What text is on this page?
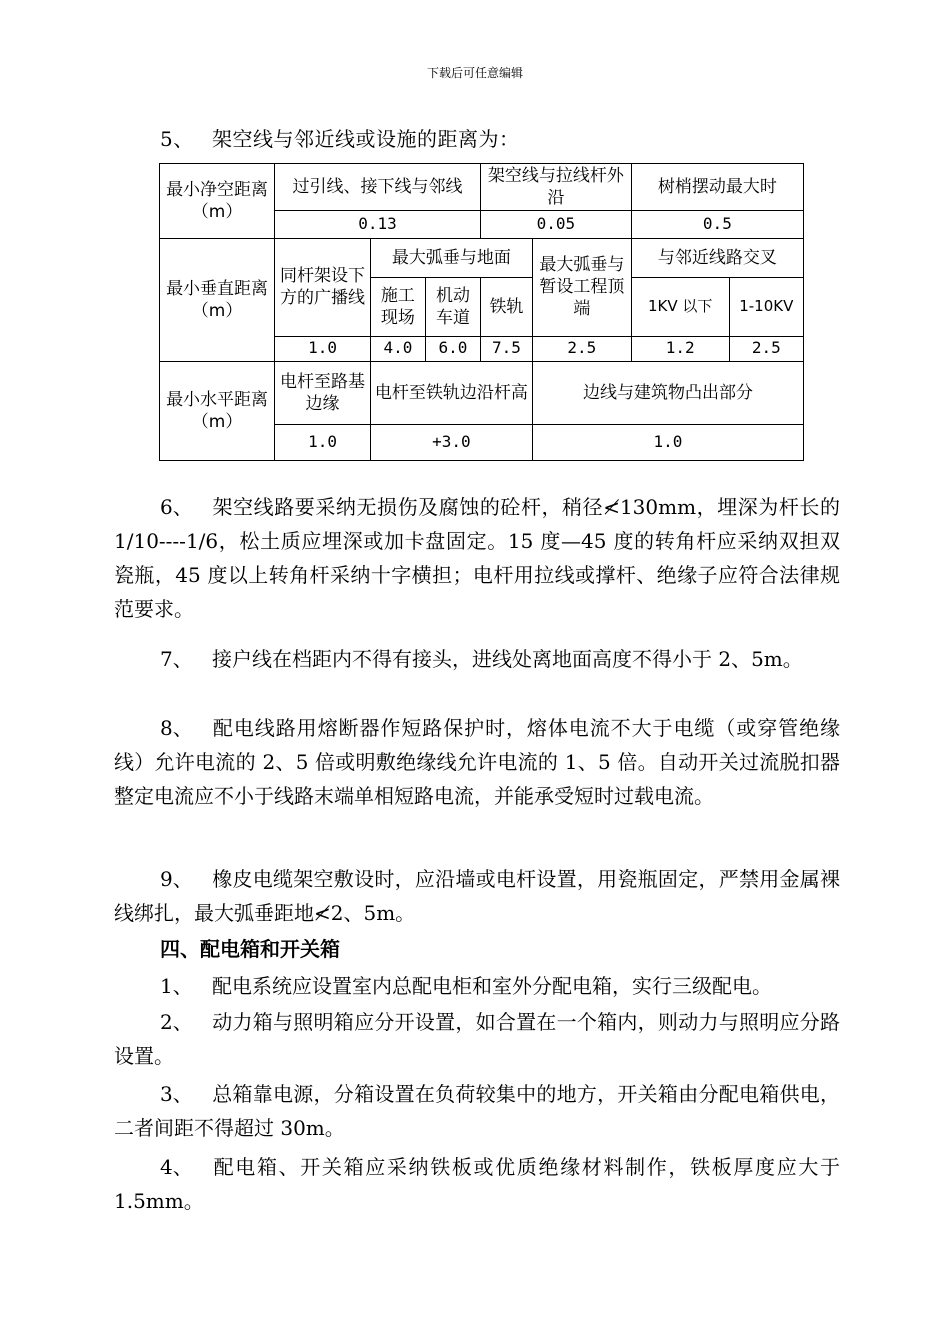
下载后可任意编辑
5、 架空线与邻近线或设施的距离为：
最小净空距离（m）	过引线、接下线与邻线			架空线与拉线杆外沿		树梢摆动最大时	
	0.13			0.05		0.5	
最小垂直距离（m）	同杆架设下方的广播线	最大弧垂与地面			最大弧垂与暂设工程顶端	与邻近线路交叉	
		施工现场	机动车道	铁轨		1KV 以下	1-10KV
	1.0	4.0	6.0	7.5	2.5	1.2	2.5
最小水平距离（m）	电杆至路基边缘	电杆至铁轨边沿杆高			边线与建筑物凸出部分		
	1.0	+3.0			1.0		

6、 架空线路要采纳无损伤及腐蚀的砼杆，稍径≮130mm，埋深为杆长的 1/10----1/6，松土质应埋深或加卡盘固定。15 度—45 度的转角杆应采纳双担双瓷瓶，45 度以上转角杆采纳十字横担；电杆用拉线或撑杆、绝缘子应符合法律规范要求。

7、 接户线在档距内不得有接头，进线处离地面高度不得小于 2、5m。

8、 配电线路用熔断器作短路保护时，熔体电流不大于电缆（或穿管绝缘线）允许电流的 2、5 倍或明敷绝缘线允许电流的 1、5 倍。自动开关过流脱扣器整定电流应不小于线路末端单相短路电流，并能承受短时过载电流。

9、 橡皮电缆架空敷设时，应沿墙或电杆设置，用瓷瓶固定，严禁用金属裸线绑扎，最大弧垂距地≮2、5m。

四、配电箱和开关箱

1、 配电系统应设置室内总配电柜和室外分配电箱，实行三级配电。

2、 动力箱与照明箱应分开设置，如合置在一个箱内，则动力与照明应分路设置。

3、 总箱靠电源，分箱设置在负荷较集中的地方，开关箱由分配电箱供电，二者间距不得超过 30m。

4、 配电箱、开关箱应采纳铁板或优质绝缘材料制作，铁板厚度应大于 1.5mm。
